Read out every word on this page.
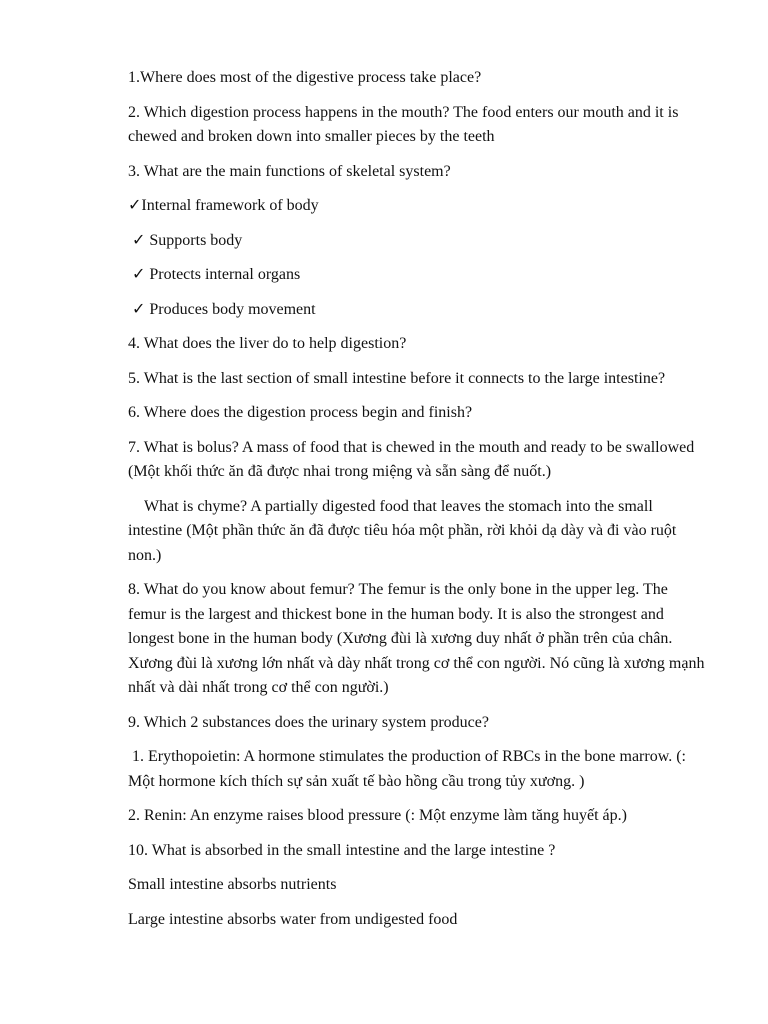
1.Where does most of the digestive process take place?

2. Which digestion process happens in the mouth? The food enters our mouth and it is chewed and broken down into smaller pieces by the teeth

3. What are the main functions of skeletal system?

✓Internal framework of body

✓ Supports body

✓ Protects internal organs

✓ Produces body movement

4. What does the liver do to help digestion?

5. What is the last section of small intestine before it connects to the large intestine?

6. Where does the digestion process begin and finish?

7. What is bolus? A mass of food that is chewed in the mouth and ready to be swallowed (Một khối thức ăn đã được nhai trong miệng và sẵn sàng để nuốt.)

What is chyme? A partially digested food that leaves the stomach into the small intestine (Một phần thức ăn đã được tiêu hóa một phần, rời khỏi dạ dày và đi vào ruột non.)

8. What do you know about femur? The femur is the only bone in the upper leg. The femur is the largest and thickest bone in the human body. It is also the strongest and longest bone in the human body (Xương đùi là xương duy nhất ở phần trên của chân. Xương đùi là xương lớn nhất và dày nhất trong cơ thể con người. Nó cũng là xương mạnh nhất và dài nhất trong cơ thể con người.)

9. Which 2 substances does the urinary system produce?

1. Erythopoietin: A hormone stimulates the production of RBCs in the bone marrow. (: Một hormone kích thích sự sản xuất tế bào hồng cầu trong tủy xương. )

2. Renin: An enzyme raises blood pressure (: Một enzyme làm tăng huyết áp.)

10. What is absorbed in the small intestine and the large intestine ?

Small intestine absorbs nutrients

Large intestine absorbs water from undigested food
